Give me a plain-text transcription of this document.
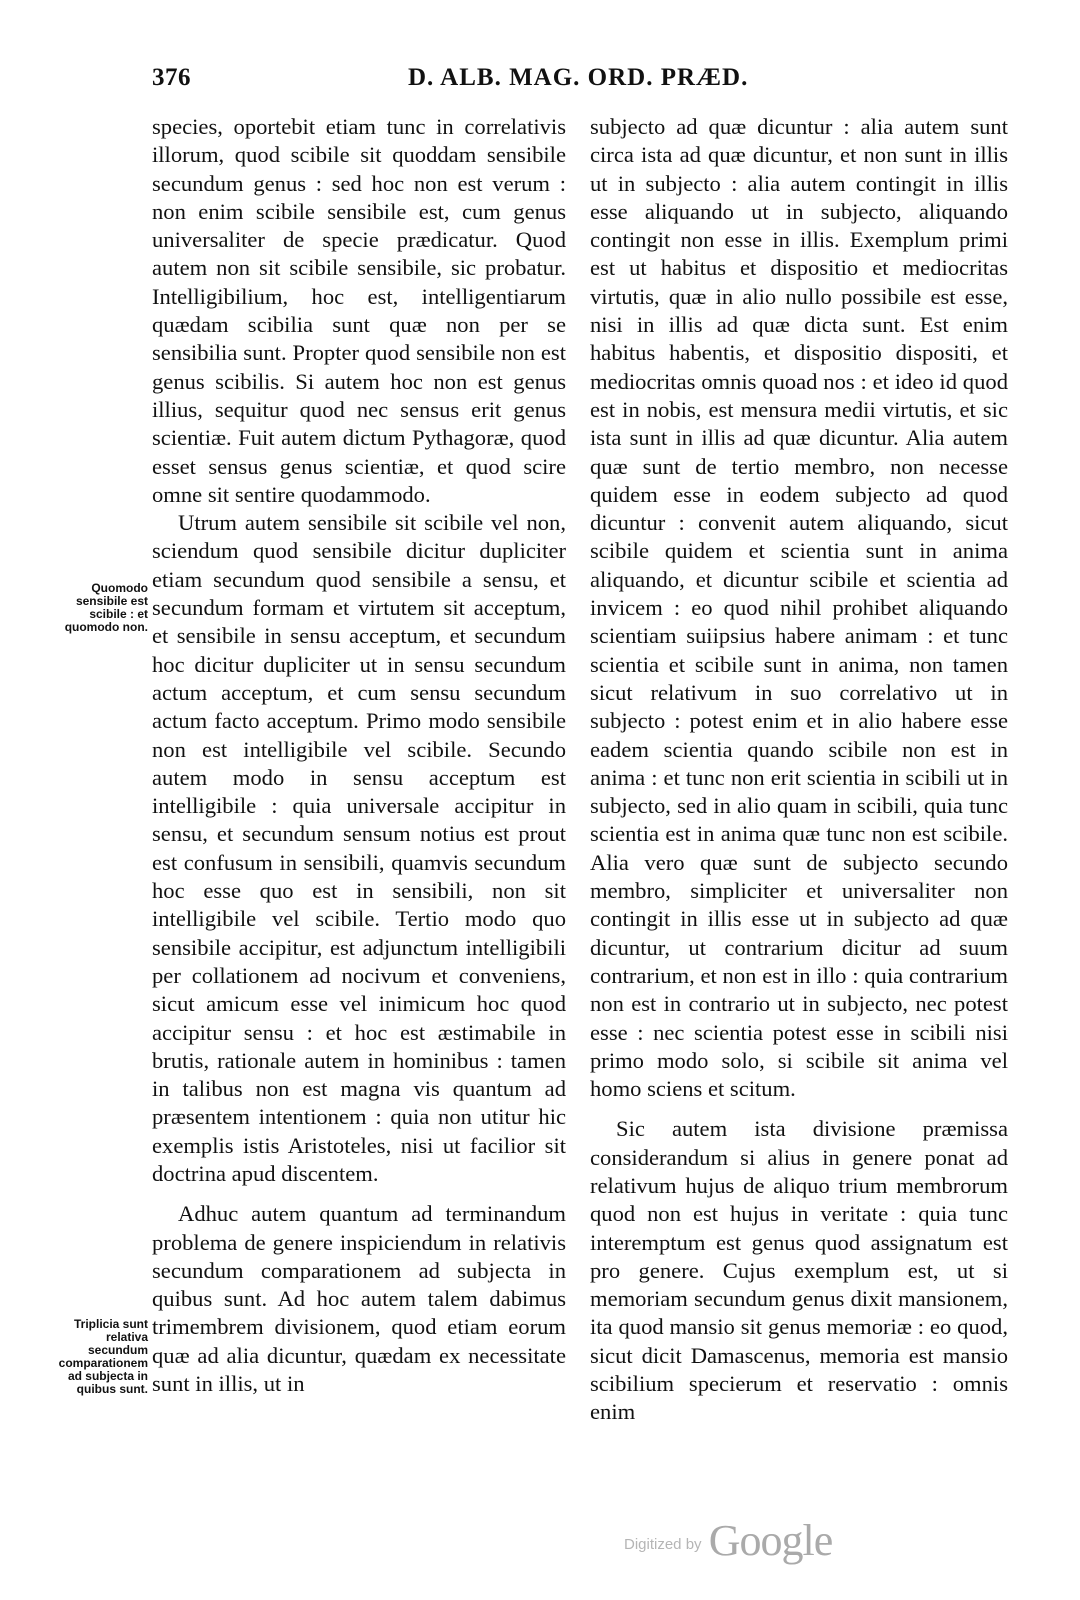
376	D. ALB. MAG. ORD. PRÆD.
Quomodo sensibile est scibile : et quomodo non.
Triplicia sunt relativa secundum comparationem ad subjecta in quibus sunt.

species, oportebit etiam tunc in correlativis illorum, quod scibile sit quoddam sensibile secundum genus : sed hoc non est verum : non enim scibile sensibile est, cum genus universaliter de specie prædicatur. Quod autem non sit scibile sensibile, sic probatur. Intelligibilium, hoc est, intelligentiarum quædam scibilia sunt quæ non per se sensibilia sunt. Propter quod sensibile non est genus scibilis. Si autem hoc non est genus illius, sequitur quod nec sensus erit genus scientiæ. Fuit autem dictum Pythagoræ, quod esset sensus genus scientiæ, et quod scire omne sit sentire quodammodo.

Utrum autem sensibile sit scibile vel non, sciendum quod sensibile dicitur dupliciter etiam secundum quod sensibile a sensu, et secundum formam et virtutem sit acceptum, et sensibile in sensu acceptum, et secundum hoc dicitur dupliciter ut in sensu secundum actum acceptum, et cum sensu secundum actum facto acceptum. Primo modo sensibile non est intelligibile vel scibile. Secundo autem modo in sensu acceptum est intelligibile : quia universale accipitur in sensu, et secundum sensum notius est prout est confusum in sensibili, quamvis secundum hoc esse quo est in sensibili, non sit intelligibile vel scibile. Tertio modo quo sensibile accipitur, est adjunctum intelligibili per collationem ad nocivum et conveniens, sicut amicum esse vel inimicum hoc quod accipitur sensu : et hoc est æstimabile in brutis, rationale autem in hominibus : tamen in talibus non est magna vis quantum ad præsentem intentionem : quia non utitur hic exemplis istis Aristoteles, nisi ut facilior sit doctrina apud discentem.

Adhuc autem quantum ad terminandum problema de genere inspiciendum in relativis secundum comparationem ad subjecta in quibus sunt. Ad hoc autem talem dabimus trimembrem divisionem, quod etiam eorum quæ ad alia dicuntur, quædam ex necessitate sunt in illis, ut in

subjecto ad quæ dicuntur : alia autem sunt circa ista ad quæ dicuntur, et non sunt in illis ut in subjecto : alia autem contingit in illis esse aliquando ut in subjecto, aliquando contingit non esse in illis. Exemplum primi est ut habitus et dispositio et mediocritas virtutis, quæ in alio nullo possibile est esse, nisi in illis ad quæ dicta sunt. Est enim habitus habentis, et dispositio dispositi, et mediocritas omnis quoad nos : et ideo id quod est in nobis, est mensura medii virtutis, et sic ista sunt in illis ad quæ dicuntur. Alia autem quæ sunt de tertio membro, non necesse quidem esse in eodem subjecto ad quod dicuntur : convenit autem aliquando, sicut scibile quidem et scientia sunt in anima aliquando, et dicuntur scibile et scientia ad invicem : eo quod nihil prohibet aliquando scientiam suiipsius habere animam : et tunc scientia et scibile sunt in anima, non tamen sicut relativum in suo correlativo ut in subjecto : potest enim et in alio habere esse eadem scientia quando scibile non est in anima : et tunc non erit scientia in scibili ut in subjecto, sed in alio quam in scibili, quia tunc scientia est in anima quæ tunc non est scibile. Alia vero quæ sunt de subjecto secundo membro, simpliciter et universaliter non contingit in illis esse ut in subjecto ad quæ dicuntur, ut contrarium dicitur ad suum contrarium, et non est in illo : quia contrarium non est in contrario ut in subjecto, nec potest esse : nec scientia potest esse in scibili nisi primo modo solo, si scibile sit anima vel homo sciens et scitum.

Sic autem ista divisione præmissa considerandum si alius in genere ponat ad relativum hujus de aliquo trium membrorum quod non est hujus in veritate : quia tunc interemptum est genus quod assignatum est pro genere. Cujus exemplum est, ut si memoriam secundum genus dixit mansionem, ita quod mansio sit genus memoriæ : eo quod, sicut dicit Damascenus, memoria est mansio scibilium specierum et reservatio : omnis enim

Digitized by Google
